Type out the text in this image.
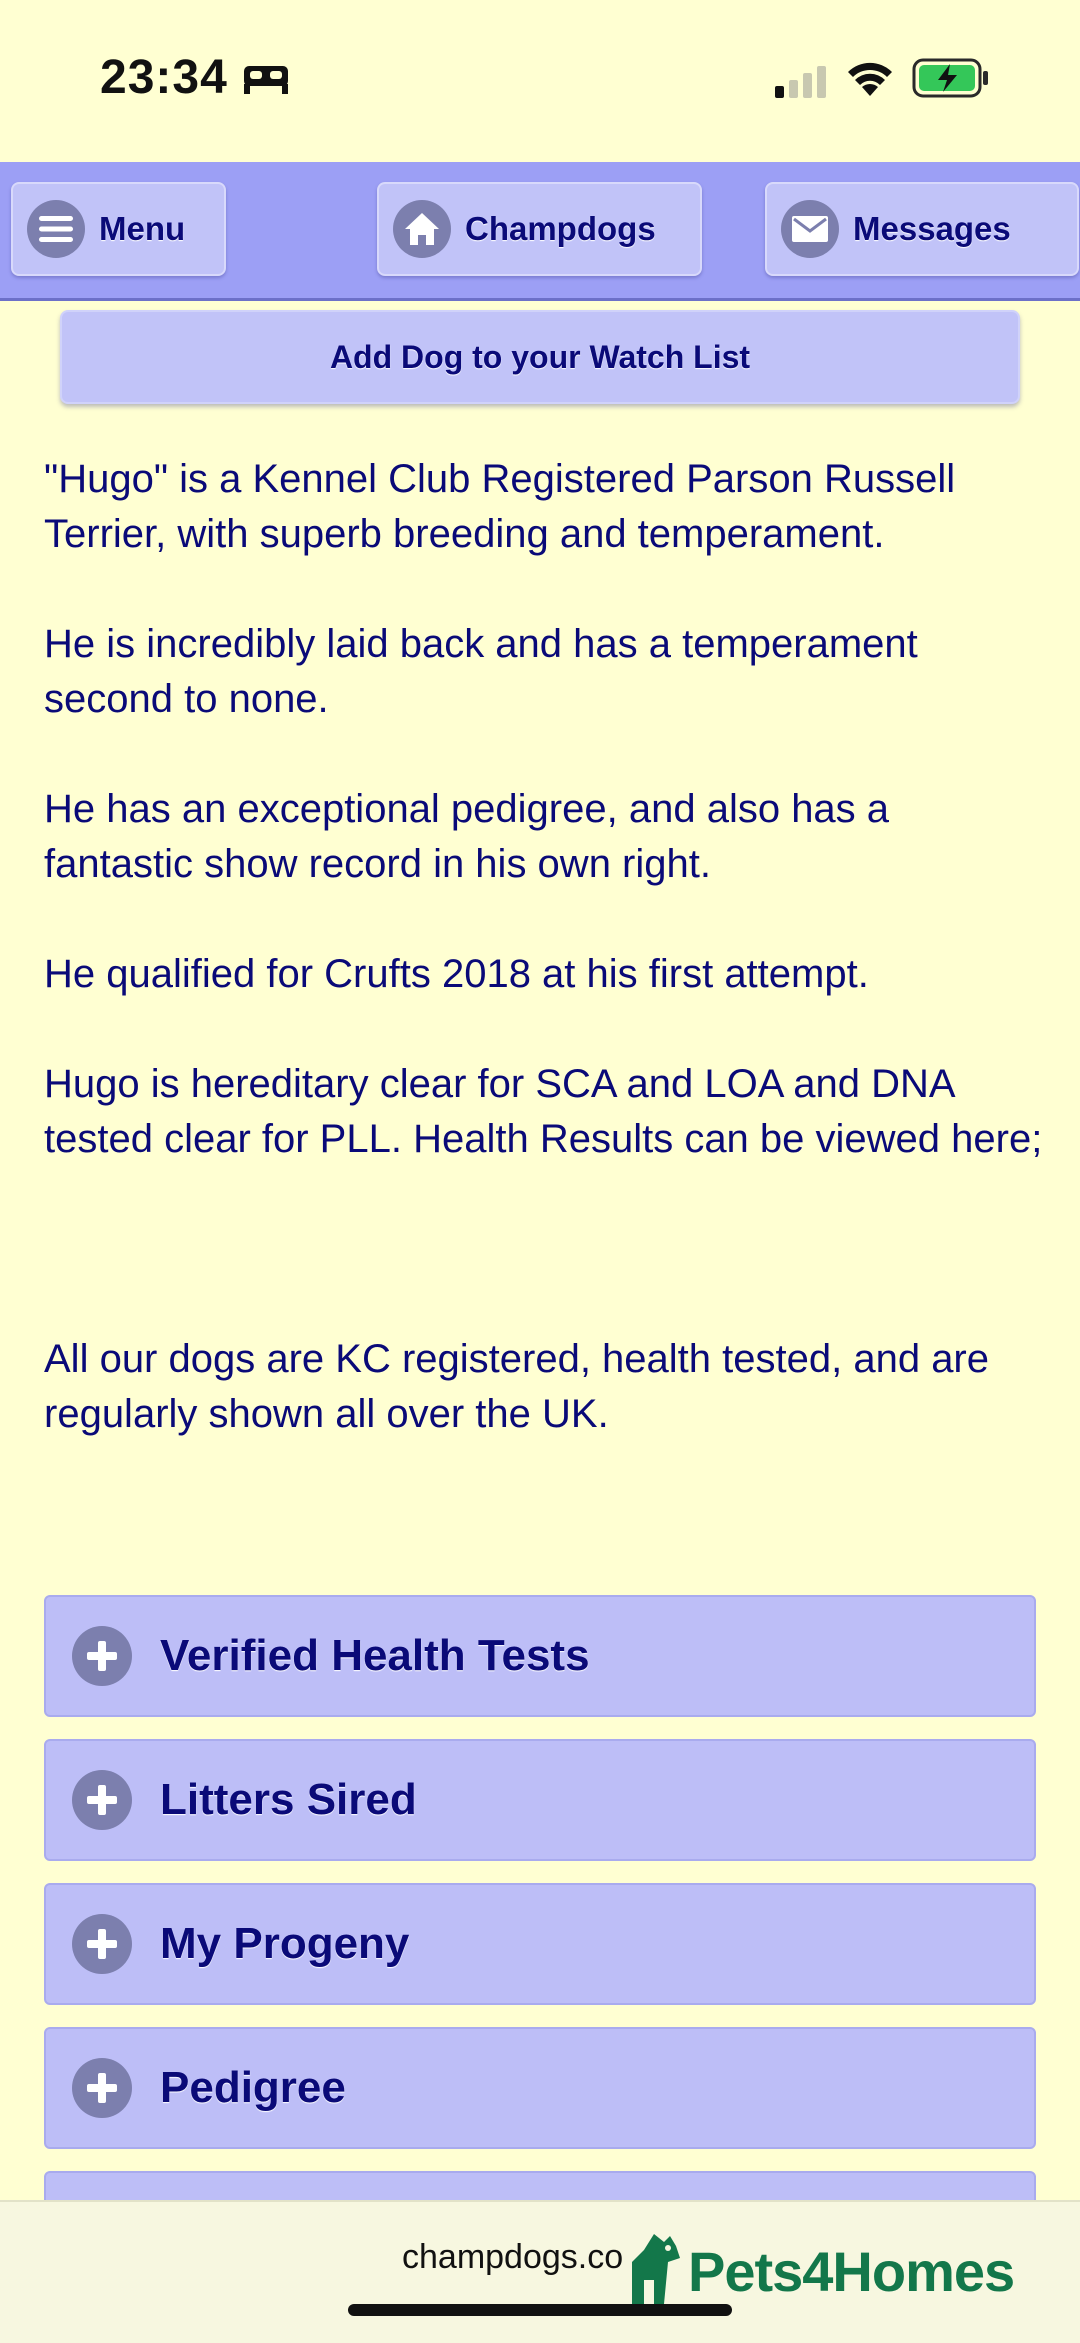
23:34
Menu	Champdogs	Messages
Add Dog to your Watch List

"Hugo" is a Kennel Club Registered Parson Russell Terrier, with superb breeding and temperament.

He is incredibly laid back and has a temperament second to none.

He has an exceptional pedigree, and also has a fantastic show record in his own right.

He qualified for Crufts 2018 at his first attempt.

Hugo is hereditary clear for SCA and LOA and DNA tested clear for PLL. Health Results can be viewed here;

All our dogs are KC registered, health tested, and are regularly shown all over the UK.

Verified Health Tests
Litters Sired
My Progeny
Pedigree
champdogs.co Pets4Homes
